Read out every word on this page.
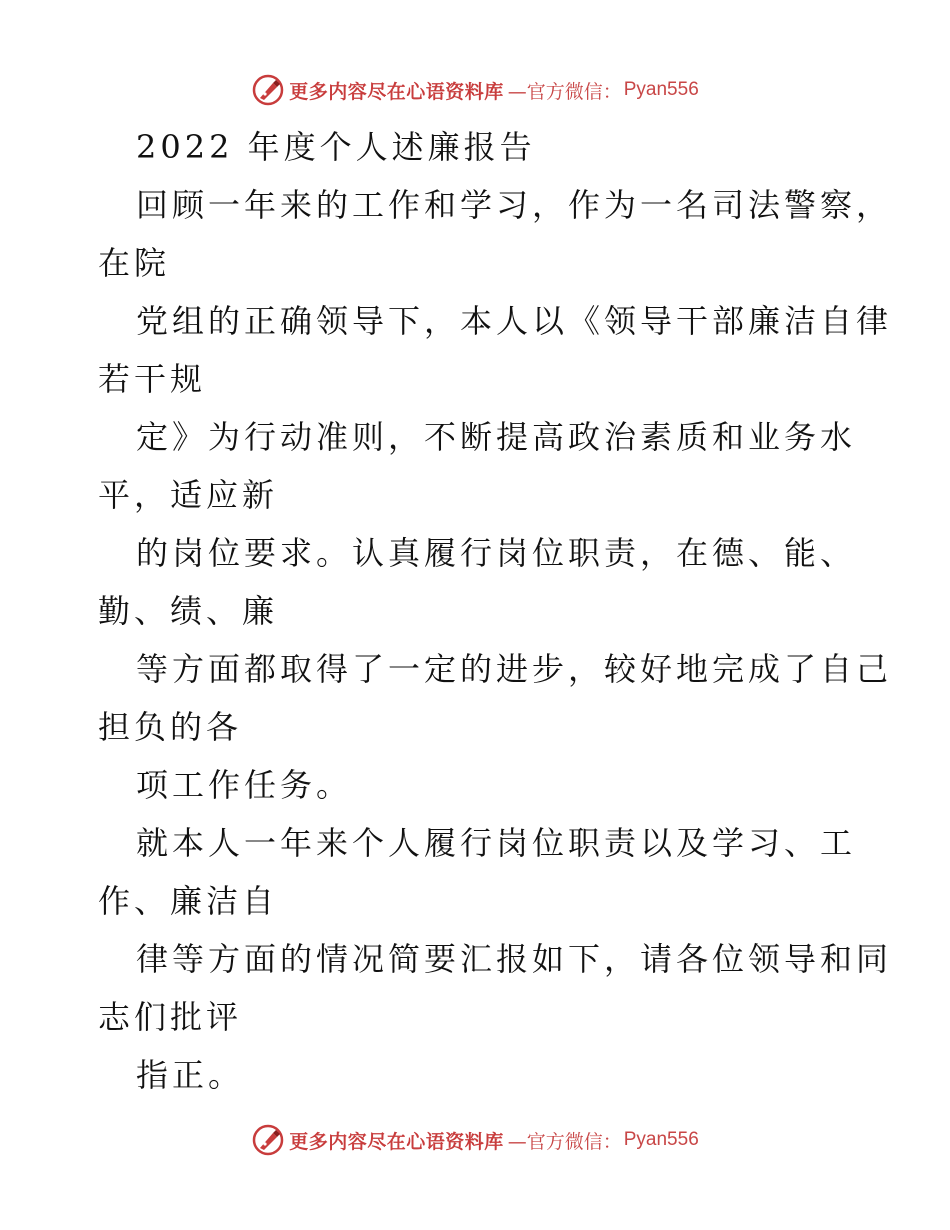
更多内容尽在心语资料库 —官方微信： Pyan556
2022 年度个人述廉报告
回顾一年来的工作和学习，作为一名司法警察，
在院
党组的正确领导下，本人以《领导干部廉洁自律
若干规
定》为行动准则，不断提高政治素质和业务水
平，适应新
的岗位要求。认真履行岗位职责，在德、能、
勤、绩、廉
等方面都取得了一定的进步，较好地完成了自己
担负的各
项工作任务。
就本人一年来个人履行岗位职责以及学习、工
作、廉洁自
律等方面的情况简要汇报如下，请各位领导和同
志们批评
指正。
更多内容尽在心语资料库 —官方微信： Pyan556
